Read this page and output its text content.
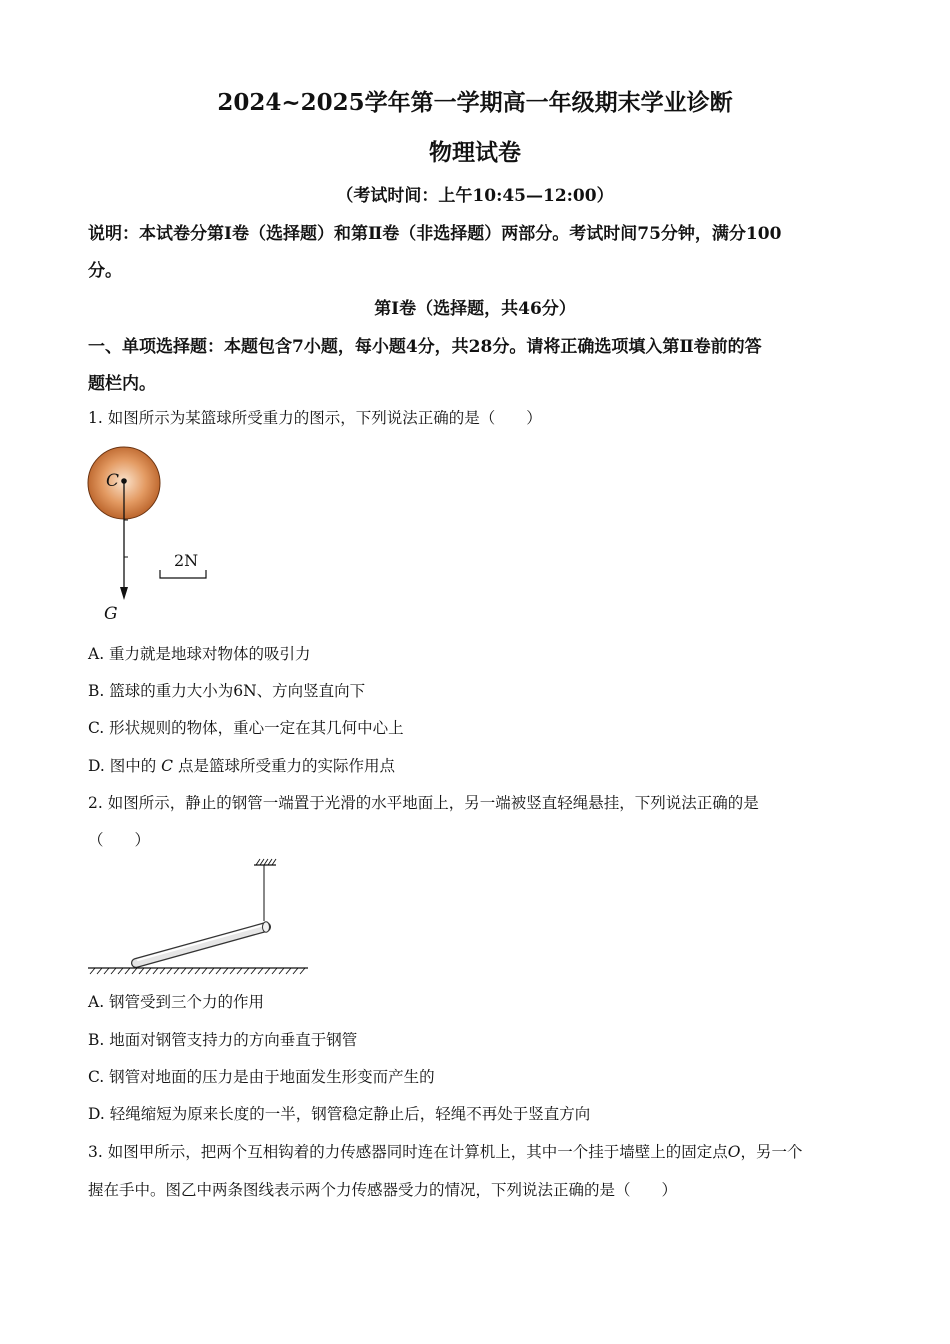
2024~2025学年第一学期高一年级期末学业诊断
物理试卷
（考试时间：上午10:45—12:00）
说明：本试卷分第Ⅰ卷（选择题）和第Ⅱ卷（非选择题）两部分。考试时间75分钟，满分100
分。
第Ⅰ卷（选择题，共46分）
一、单项选择题：本题包含7小题，每小题4分，共28分。请将正确选项填入第Ⅱ卷前的答
题栏内。
1. 如图所示为某篮球所受重力的图示，下列说法正确的是（　　）
C
G
2N
A. 重力就是地球对物体的吸引力
B. 篮球的重力大小为6N、方向竖直向下
C. 形状规则的物体，重心一定在其几何中心上
D. 图中的 C 点是篮球所受重力的实际作用点
2. 如图所示，静止的钢管一端置于光滑的水平地面上，另一端被竖直轻绳悬挂，下列说法正确的是
（　　）
A. 钢管受到三个力的作用
B. 地面对钢管支持力的方向垂直于钢管
C. 钢管对地面的压力是由于地面发生形变而产生的
D. 轻绳缩短为原来长度的一半，钢管稳定静止后，轻绳不再处于竖直方向
3. 如图甲所示，把两个互相钩着的力传感器同时连在计算机上，其中一个挂于墙壁上的固定点O，另一个
握在手中。图乙中两条图线表示两个力传感器受力的情况，下列说法正确的是（　　）
